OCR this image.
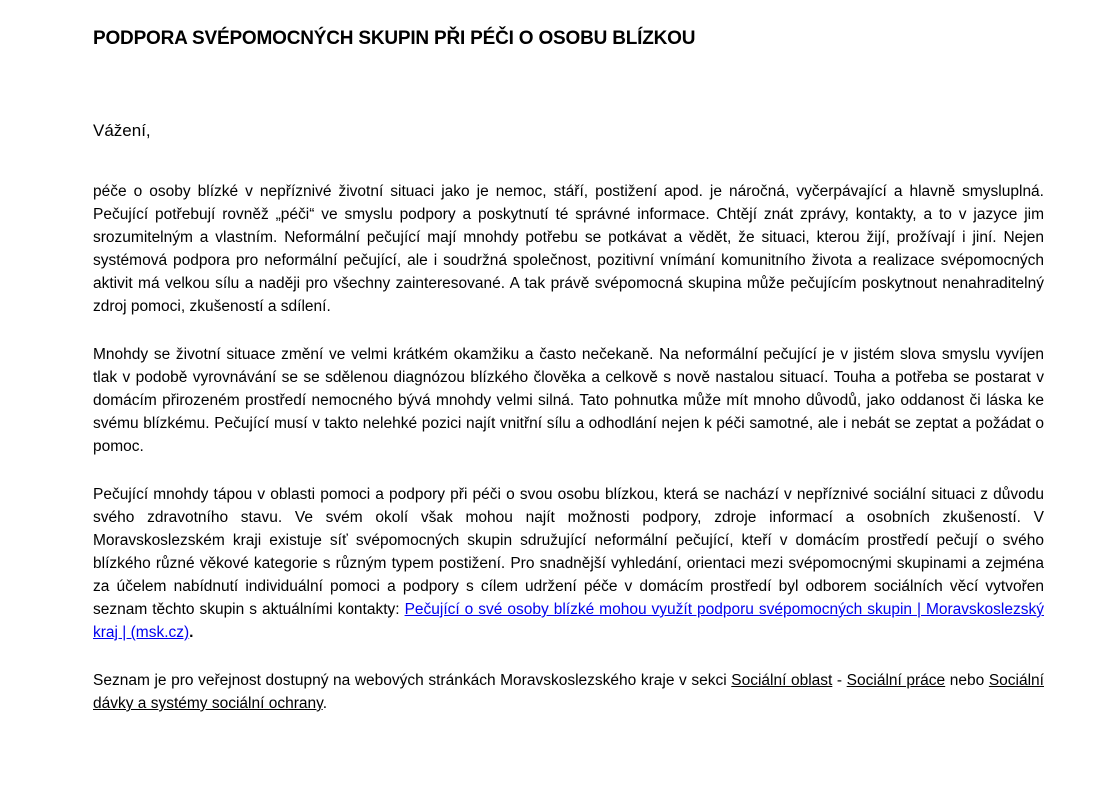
PODPORA SVÉPOMOCNÝCH SKUPIN PŘI PÉČI O OSOBU BLÍZKOU

Vážení,

péče o osoby blízké v nepříznivé životní situaci jako je nemoc, stáří, postižení apod. je náročná, vyčerpávající a hlavně smysluplná. Pečující potřebují rovněž „péči“ ve smyslu podpory a poskytnutí té správné informace. Chtějí znát zprávy, kontakty, a to v jazyce jim srozumitelným a vlastním. Neformální pečující mají mnohdy potřebu se potkávat a vědět, že situaci, kterou žijí, prožívají i jiní. Nejen systémová podpora pro neformální pečující, ale i soudržná společnost, pozitivní vnímání komunitního života a realizace svépomocných aktivit má velkou sílu a naději pro všechny zainteresované. A tak právě svépomocná skupina může pečujícím poskytnout nenahraditelný zdroj pomoci, zkušeností a sdílení.

Mnohdy se životní situace změní ve velmi krátkém okamžiku a často nečekaně. Na neformální pečující je v jistém slova smyslu vyvíjen tlak v podobě vyrovnávání se se sdělenou diagnózou blízkého člověka a celkově s nově nastalou situací. Touha a potřeba se postarat v domácím přirozeném prostředí nemocného bývá mnohdy velmi silná. Tato pohnutka může mít mnoho důvodů, jako oddanost či láska ke svému blízkému. Pečující musí v takto nelehké pozici najít vnitřní sílu a odhodlání nejen k péči samotné, ale i nebát se zeptat a požádat o pomoc.

Pečující mnohdy tápou v oblasti pomoci a podpory při péči o svou osobu blízkou, která se nachází v nepříznivé sociální situaci z důvodu svého zdravotního stavu. Ve svém okolí však mohou najít možnosti podpory, zdroje informací a osobních zkušeností. V Moravskoslezském kraji existuje síť svépomocných skupin sdružující neformální pečující, kteří v domácím prostředí pečují o svého blízkého různé věkové kategorie s různým typem postižení. Pro snadnější vyhledání, orientaci mezi svépomocnými skupinami a zejména za účelem nabídnutí individuální pomoci a podpory s cílem udržení péče v domácím prostředí byl odborem sociálních věcí vytvořen seznam těchto skupin s aktuálními kontakty: Pečující o své osoby blízké mohou využít podporu svépomocných skupin | Moravskoslezský kraj | (msk.cz).

Seznam je pro veřejnost dostupný na webových stránkách Moravskoslezského kraje v sekci Sociální oblast - Sociální práce nebo Sociální dávky a systémy sociální ochrany.
